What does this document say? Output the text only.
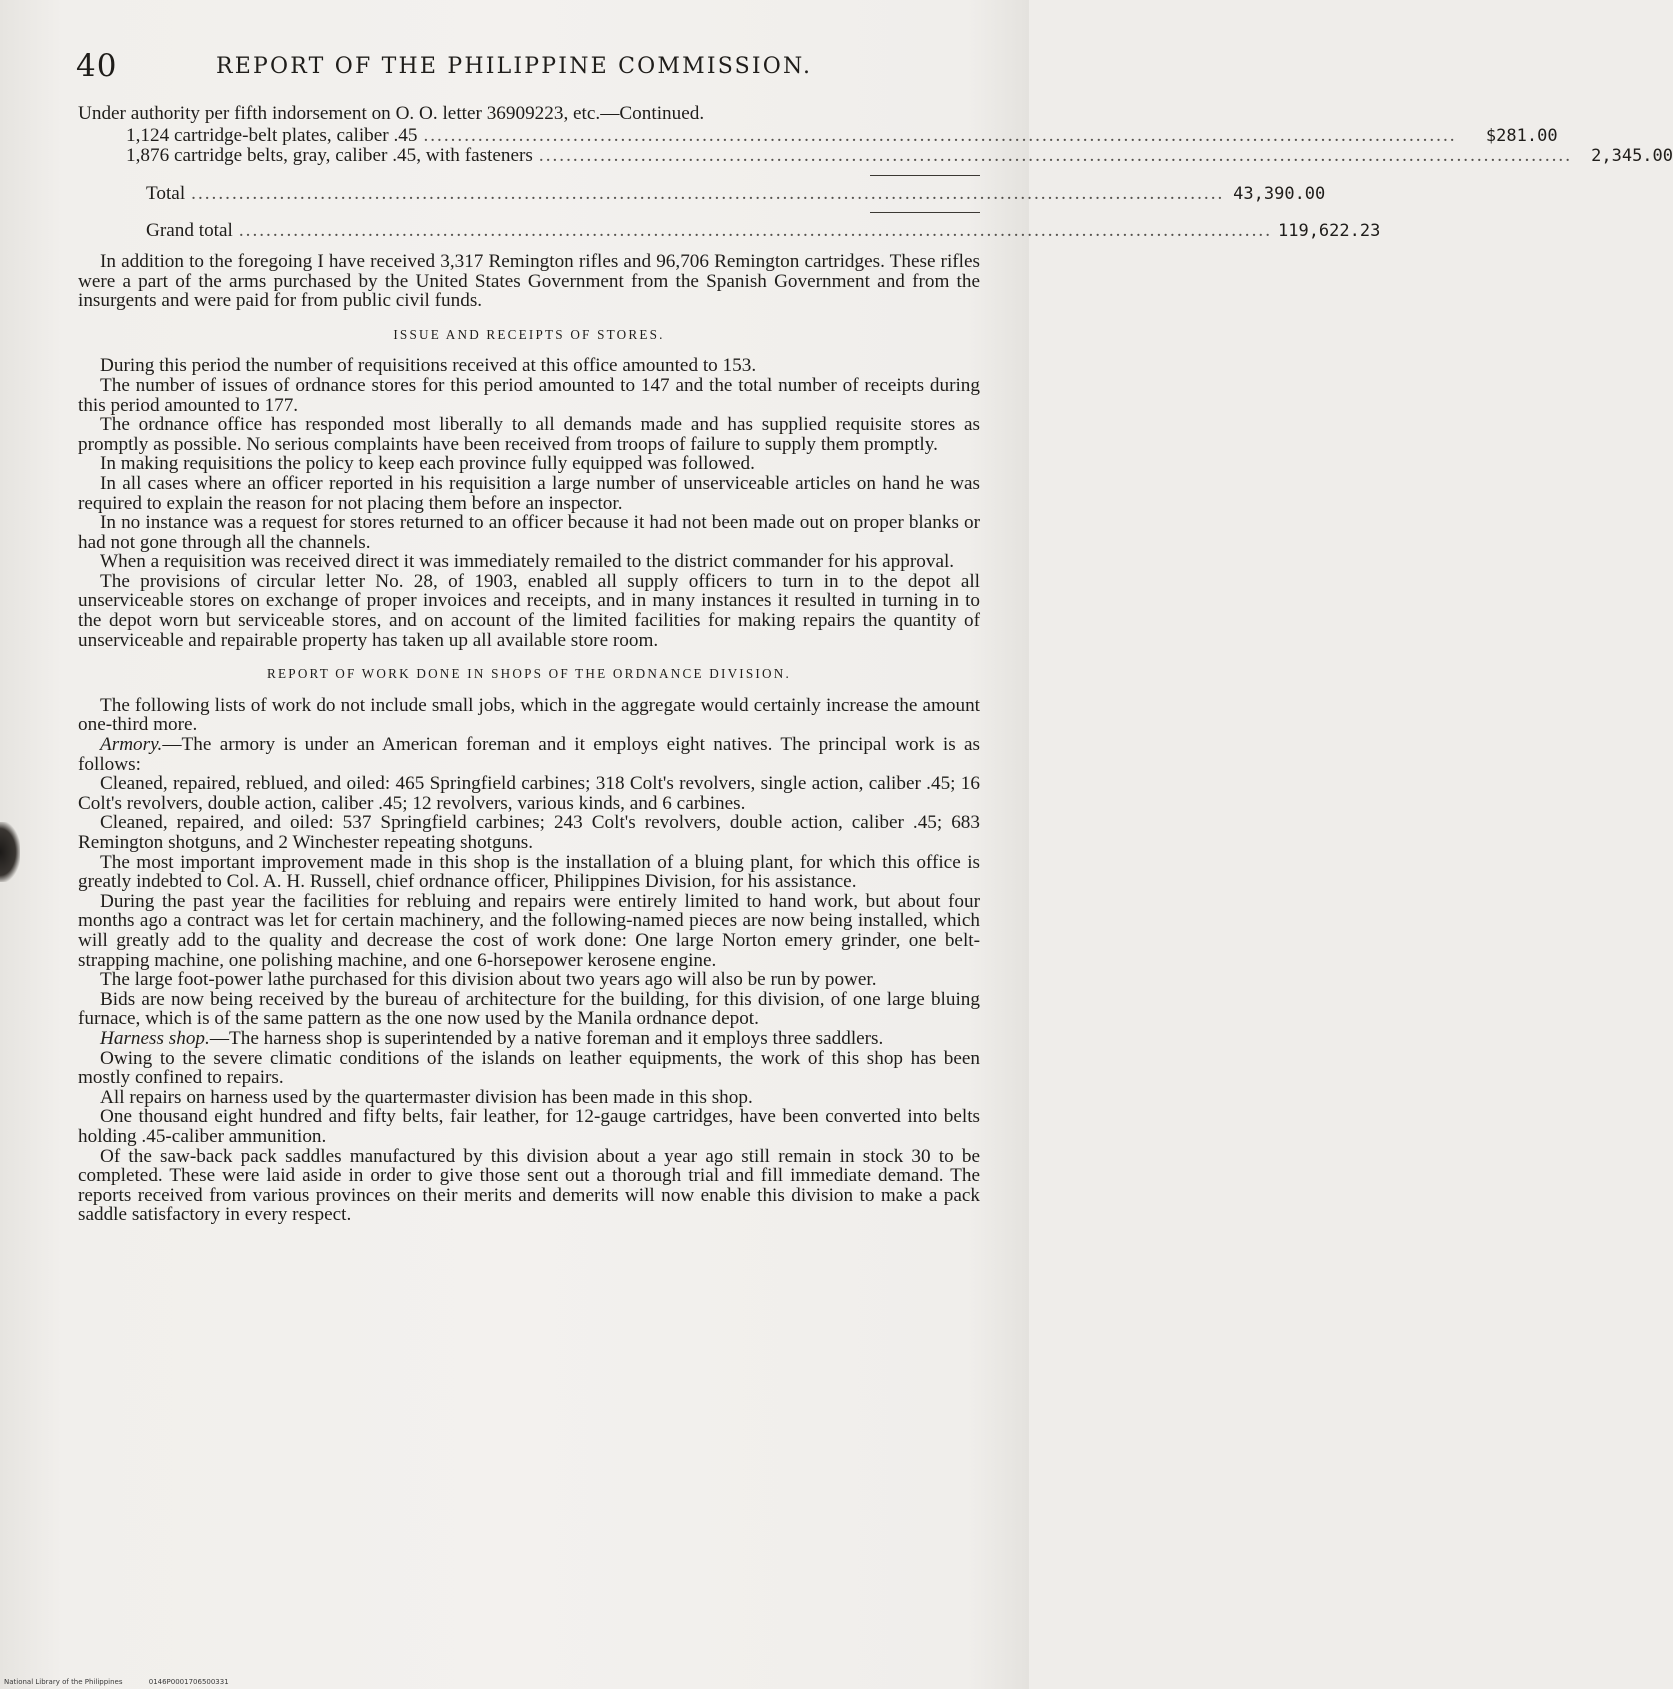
40	REPORT OF THE PHILIPPINE COMMISSION.
Under authority per fifth indorsement on O. O. letter 36909223, etc.—Continued.
1,124 cartridge-belt plates, caliber .45 ........................................................................................................................................................	$281.00
1,876 cartridge belts, gray, caliber .45, with fasteners ........................................................................................................................................................	2,345.00
Total ........................................................................................................................................................ 43,390.00
Grand total ........................................................................................................................................................ 119,622.23

In addition to the foregoing I have received 3,317 Remington rifles and 96,706 Remington cartridges. These rifles were a part of the arms purchased by the United States Government from the Spanish Government and from the insurgents and were paid for from public civil funds.

ISSUE AND RECEIPTS OF STORES.

During this period the number of requisitions received at this office amounted to 153.

The number of issues of ordnance stores for this period amounted to 147 and the total number of receipts during this period amounted to 177.

The ordnance office has responded most liberally to all demands made and has supplied requisite stores as promptly as possible. No serious complaints have been received from troops of failure to supply them promptly.

In making requisitions the policy to keep each province fully equipped was followed.

In all cases where an officer reported in his requisition a large number of unserviceable articles on hand he was required to explain the reason for not placing them before an inspector.

In no instance was a request for stores returned to an officer because it had not been made out on proper blanks or had not gone through all the channels.

When a requisition was received direct it was immediately remailed to the district commander for his approval.

The provisions of circular letter No. 28, of 1903, enabled all supply officers to turn in to the depot all unserviceable stores on exchange of proper invoices and receipts, and in many instances it resulted in turning in to the depot worn but serviceable stores, and on account of the limited facilities for making repairs the quantity of unserviceable and repairable property has taken up all available store room.

REPORT OF WORK DONE IN SHOPS OF THE ORDNANCE DIVISION.

The following lists of work do not include small jobs, which in the aggregate would certainly increase the amount one-third more.

Armory.—The armory is under an American foreman and it employs eight natives. The principal work is as follows:

Cleaned, repaired, reblued, and oiled: 465 Springfield carbines; 318 Colt's revolvers, single action, caliber .45; 16 Colt's revolvers, double action, caliber .45; 12 revolvers, various kinds, and 6 carbines.

Cleaned, repaired, and oiled: 537 Springfield carbines; 243 Colt's revolvers, double action, caliber .45; 683 Remington shotguns, and 2 Winchester repeating shotguns.

The most important improvement made in this shop is the installation of a bluing plant, for which this office is greatly indebted to Col. A. H. Russell, chief ordnance officer, Philippines Division, for his assistance.

During the past year the facilities for rebluing and repairs were entirely limited to hand work, but about four months ago a contract was let for certain machinery, and the following-named pieces are now being installed, which will greatly add to the quality and decrease the cost of work done: One large Norton emery grinder, one belt-strapping machine, one polishing machine, and one 6-horsepower kerosene engine.

The large foot-power lathe purchased for this division about two years ago will also be run by power.

Bids are now being received by the bureau of architecture for the building, for this division, of one large bluing furnace, which is of the same pattern as the one now used by the Manila ordnance depot.

Harness shop.—The harness shop is superintended by a native foreman and it employs three saddlers.

Owing to the severe climatic conditions of the islands on leather equipments, the work of this shop has been mostly confined to repairs.

All repairs on harness used by the quartermaster division has been made in this shop.

One thousand eight hundred and fifty belts, fair leather, for 12-gauge cartridges, have been converted into belts holding .45-caliber ammunition.

Of the saw-back pack saddles manufactured by this division about a year ago still remain in stock 30 to be completed. These were laid aside in order to give those sent out a thorough trial and fill immediate demand. The reports received from various provinces on their merits and demerits will now enable this division to make a pack saddle satisfactory in every respect.

National Library of the Philippines	0146P0001706500331
